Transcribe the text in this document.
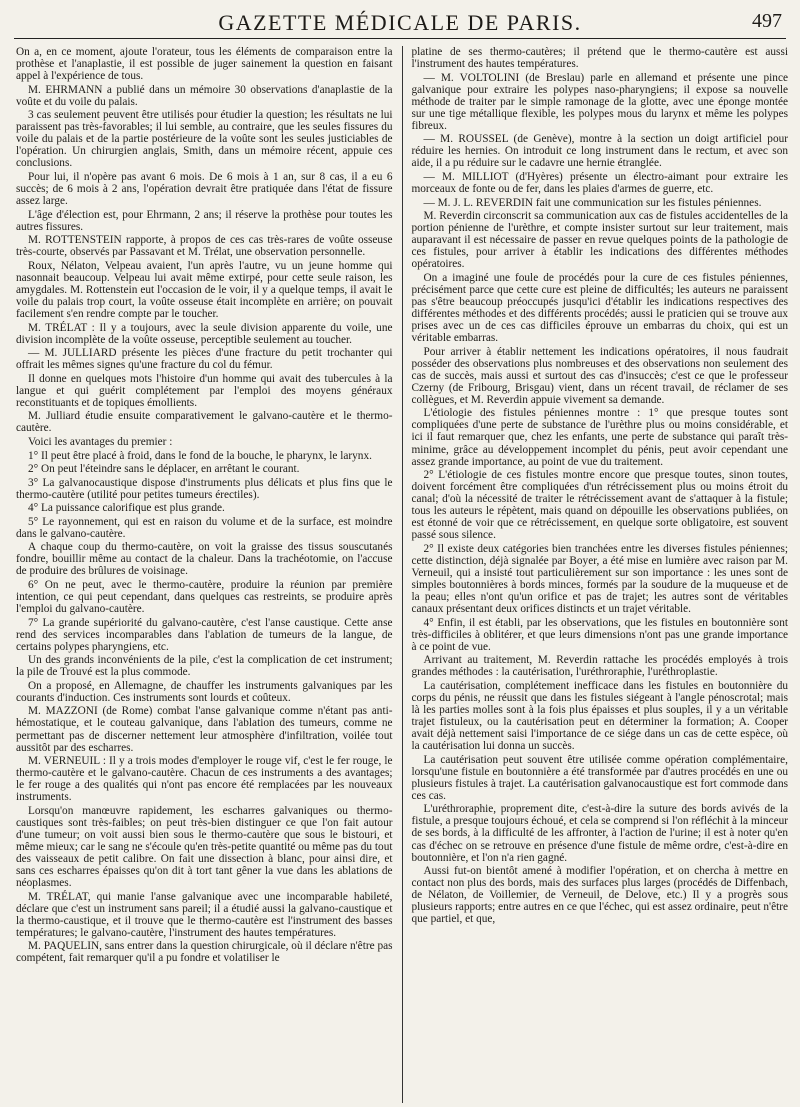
GAZETTE MÉDICALE DE PARIS.	497

On a, en ce moment, ajoute l'orateur, tous les éléments de comparaison entre la prothèse et l'anaplastie, il est possible de juger sainement la question en faisant appel à l'expérience de tous.

M. EHRMANN a publié dans un mémoire 30 observations d'anaplastie de la voûte et du voile du palais.

3 cas seulement peuvent être utilisés pour étudier la question; les résultats ne lui paraissent pas très-favorables; il lui semble, au contraire, que les seules fissures du voile du palais et de la partie postérieure de la voûte sont les seules justiciables de l'opération. Un chirurgien anglais, Smith, dans un mémoire récent, appuie ces conclusions.

Pour lui, il n'opère pas avant 6 mois. De 6 mois à 1 an, sur 8 cas, il a eu 6 succès; de 6 mois à 2 ans, l'opération devrait être pratiquée dans l'état de fissure assez large.

L'âge d'élection est, pour Ehrmann, 2 ans; il réserve la prothèse pour toutes les autres fissures.

M. ROTTENSTEIN rapporte, à propos de ces cas très-rares de voûte osseuse très-courte, observés par Passavant et M. Trélat, une observation personnelle.

Roux, Nélaton, Velpeau avaient, l'un après l'autre, vu un jeune homme qui nasonnait beaucoup. Velpeau lui avait même extirpé, pour cette seule raison, les amygdales. M. Rottenstein eut l'occasion de le voir, il y a quelque temps, il avait le voile du palais trop court, la voûte osseuse était incomplète en arrière; on pouvait facilement s'en rendre compte par le toucher.

M. TRÉLAT : Il y a toujours, avec la seule division apparente du voile, une division incomplète de la voûte osseuse, perceptible seulement au toucher.

— M. JULLIARD présente les pièces d'une fracture du petit trochanter qui offrait les mêmes signes qu'une fracture du col du fémur.

Il donne en quelques mots l'histoire d'un homme qui avait des tubercules à la langue et qui guérit complétement par l'emploi des moyens généraux reconstituants et de topiques émollients.

M. Julliard étudie ensuite comparativement le galvano-cautère et le thermo-cautère.

Voici les avantages du premier :

1° Il peut être placé à froid, dans le fond de la bouche, le pharynx, le larynx.

2° On peut l'éteindre sans le déplacer, en arrêtant le courant.

3° La galvanocaustique dispose d'instruments plus délicats et plus fins que le thermo-cautère (utilité pour petites tumeurs érectiles).

4° La puissance calorifique est plus grande.

5° Le rayonnement, qui est en raison du volume et de la surface, est moindre dans le galvano-cautère.

A chaque coup du thermo-cautère, on voit la graisse des tissus souscutanés fondre, bouillir même au contact de la chaleur. Dans la trachéotomie, on l'accuse de produire des brûlures de voisinage.

6° On ne peut, avec le thermo-cautère, produire la réunion par première intention, ce qui peut cependant, dans quelques cas restreints, se produire après l'emploi du galvano-cautère.

7° La grande supériorité du galvano-cautère, c'est l'anse caustique. Cette anse rend des services incomparables dans l'ablation de tumeurs de la langue, de certains polypes pharyngiens, etc.

Un des grands inconvénients de la pile, c'est la complication de cet instrument; la pile de Trouvé est la plus commode.

On a proposé, en Allemagne, de chauffer les instruments galvaniques par les courants d'induction. Ces instruments sont lourds et coûteux.

M. MAZZONI (de Rome) combat l'anse galvanique comme n'étant pas anti-hémostatique, et le couteau galvanique, dans l'ablation des tumeurs, comme ne permettant pas de discerner nettement leur atmosphère d'infiltration, voilée tout aussitôt par des escharres.

M. VERNEUIL : Il y a trois modes d'employer le rouge vif, c'est le fer rouge, le thermo-cautère et le galvano-cautère. Chacun de ces instruments a des avantages; le fer rouge a des qualités qui n'ont pas encore été remplacées par les nouveaux instruments.

Lorsqu'on manœuvre rapidement, les escharres galvaniques ou thermo-caustiques sont très-faibles; on peut très-bien distinguer ce que l'on fait autour d'une tumeur; on voit aussi bien sous le thermo-cautère que sous le bistouri, et même mieux; car le sang ne s'écoule qu'en très-petite quantité ou même pas du tout des vaisseaux de petit calibre. On fait une dissection à blanc, pour ainsi dire, et sans ces escharres épaisses qu'on dit à tort tant gêner la vue dans les ablations de néoplasmes.

M. TRÉLAT, qui manie l'anse galvanique avec une incomparable habileté, déclare que c'est un instrument sans pareil; il a étudié aussi la galvano-caustique et la thermo-caustique, et il trouve que le thermo-cautère est l'instrument des basses températures; le galvano-cautère, l'instrument des hautes températures.

M. PAQUELIN, sans entrer dans la question chirurgicale, où il déclare n'être pas compétent, fait remarquer qu'il a pu fondre et volatiliser le

platine de ses thermo-cautères; il prétend que le thermo-cautère est aussi l'instrument des hautes températures.

— M. VOLTOLINI (de Breslau) parle en allemand et présente une pince galvanique pour extraire les polypes naso-pharyngiens; il expose sa nouvelle méthode de traiter par le simple ramonage de la glotte, avec une éponge montée sur une tige métallique flexible, les polypes mous du larynx et même les polypes fibreux.

— M. ROUSSEL (de Genève), montre à la section un doigt artificiel pour réduire les hernies. On introduit ce long instrument dans le rectum, et avec son aide, il a pu réduire sur le cadavre une hernie étranglée.

— M. MILLIOT (d'Hyères) présente un électro-aimant pour extraire les morceaux de fonte ou de fer, dans les plaies d'armes de guerre, etc.

— M. J. L. REVERDIN fait une communication sur les fistules péniennes.

M. Reverdin circonscrit sa communication aux cas de fistules accidentelles de la portion pénienne de l'urèthre, et compte insister surtout sur leur traitement, mais auparavant il est nécessaire de passer en revue quelques points de la pathologie de ces fistules, pour arriver à établir les indications des différentes méthodes opératoires.

On a imaginé une foule de procédés pour la cure de ces fistules péniennes, précisément parce que cette cure est pleine de difficultés; les auteurs ne paraissent pas s'être beaucoup préoccupés jusqu'ici d'établir les indications respectives des différentes méthodes et des différents procédés; aussi le praticien qui se trouve aux prises avec un de ces cas difficiles éprouve un embarras du choix, qui est un véritable embarras.

Pour arriver à établir nettement les indications opératoires, il nous faudrait posséder des observations plus nombreuses et des observations non seulement des cas de succès, mais aussi et surtout des cas d'insuccès; c'est ce que le professeur Czerny (de Fribourg, Brisgau) vient, dans un récent travail, de réclamer de ses collègues, et M. Reverdin appuie vivement sa demande.

L'étiologie des fistules péniennes montre : 1° que presque toutes sont compliquées d'une perte de substance de l'urèthre plus ou moins considérable, et ici il faut remarquer que, chez les enfants, une perte de substance qui paraît très-minime, grâce au développement incomplet du pénis, peut avoir cependant une assez grande importance, au point de vue du traitement.

2° L'étiologie de ces fistules montre encore que presque toutes, sinon toutes, doivent forcément être compliquées d'un rétrécissement plus ou moins étroit du canal; d'où la nécessité de traiter le rétrécissement avant de s'attaquer à la fistule; tous les auteurs le répètent, mais quand on dépouille les observations publiées, on est étonné de voir que ce rétrécissement, en quelque sorte obligatoire, est souvent passé sous silence.

2° Il existe deux catégories bien tranchées entre les diverses fistules péniennes; cette distinction, déjà signalée par Boyer, a été mise en lumière avec raison par M. Verneuil, qui a insisté tout particulièrement sur son importance : les unes sont de simples boutonnières à bords minces, formés par la soudure de la muqueuse et de la peau; elles n'ont qu'un orifice et pas de trajet; les autres sont de véritables canaux présentant deux orifices distincts et un trajet véritable.

4° Enfin, il est établi, par les observations, que les fistules en boutonnière sont très-difficiles à oblitérer, et que leurs dimensions n'ont pas une grande importance à ce point de vue.

Arrivant au traitement, M. Reverdin rattache les procédés employés à trois grandes méthodes : la cautérisation, l'uréthroraphie, l'uréthroplastie.

La cautérisation, complétement inefficace dans les fistules en boutonnière du corps du pénis, ne réussit que dans les fistules siégeant à l'angle pénoscrotal; mais là les parties molles sont à la fois plus épaisses et plus souples, il y a un véritable trajet fistuleux, ou la cautérisation peut en déterminer la formation; A. Cooper avait déjà nettement saisi l'importance de ce siége dans un cas de cette espèce, où la cautérisation lui donna un succès.

La cautérisation peut souvent être utilisée comme opération complémentaire, lorsqu'une fistule en boutonnière a été transformée par d'autres procédés en une ou plusieurs fistules à trajet. La cautérisation galvanocaustique est fort commode dans ces cas.

L'uréthroraphie, proprement dite, c'est-à-dire la suture des bords avivés de la fistule, a presque toujours échoué, et cela se comprend si l'on réfléchit à la minceur de ses bords, à la difficulté de les affronter, à l'action de l'urine; il est à noter qu'en cas d'échec on se retrouve en présence d'une fistule de même ordre, c'est-à-dire en boutonnière, et l'on n'a rien gagné.

Aussi fut-on bientôt amené à modifier l'opération, et on chercha à mettre en contact non plus des bords, mais des surfaces plus larges (procédés de Diffenbach, de Nélaton, de Voillemier, de Verneuil, de Delove, etc.) Il y a progrès sous plusieurs rapports; entre autres en ce que l'échec, qui est assez ordinaire, peut n'être que partiel, et que,
